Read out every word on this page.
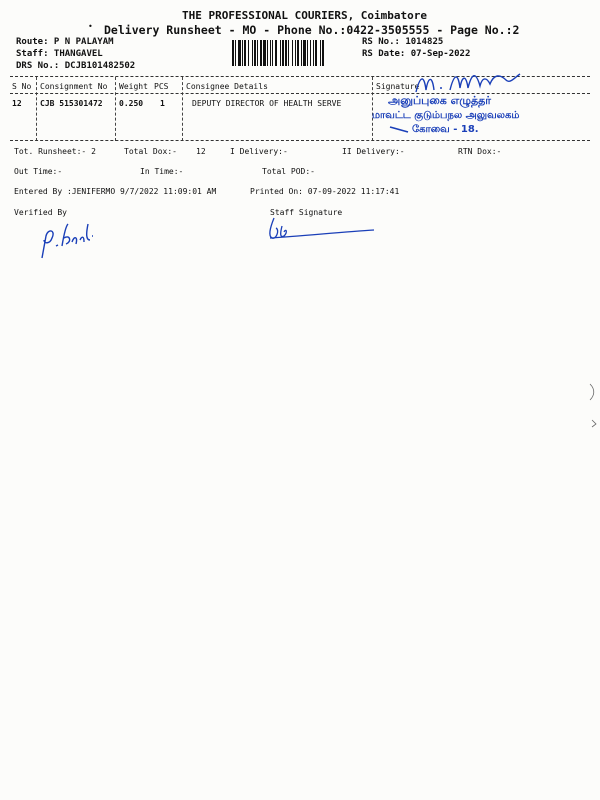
THE PROFESSIONAL COURIERS, Coimbatore
• Delivery Runsheet - MO - Phone No.:0422-3505555 - Page No.:2
Route: P N PALAYAM
Staff: THANGAVEL
DRS No.: DCJB101482502
RS No.: 1014825
RS Date: 07-Sep-2022
S No Consignment No Weight PCS Consignee Details	Signature
12 CJB 515301472 0.250 1	DEPUTY DIRECTOR OF HEALTH SERVE	அனுப்புகை எழுத்தர்
மாவட்ட குடும்பநல அலுவலகம்
கோவை - 18.
Tot. Runsheet:- 2	Total Dox:- 12	I Delivery:-	II Delivery:-	RTN Dox:-
Out Time:-	In Time:-	Total POD:-
Entered By :JENIFERMO 9/7/2022 11:09:01 AM	Printed On: 07-09-2022 11:17:41
Verified By	Staff Signature
